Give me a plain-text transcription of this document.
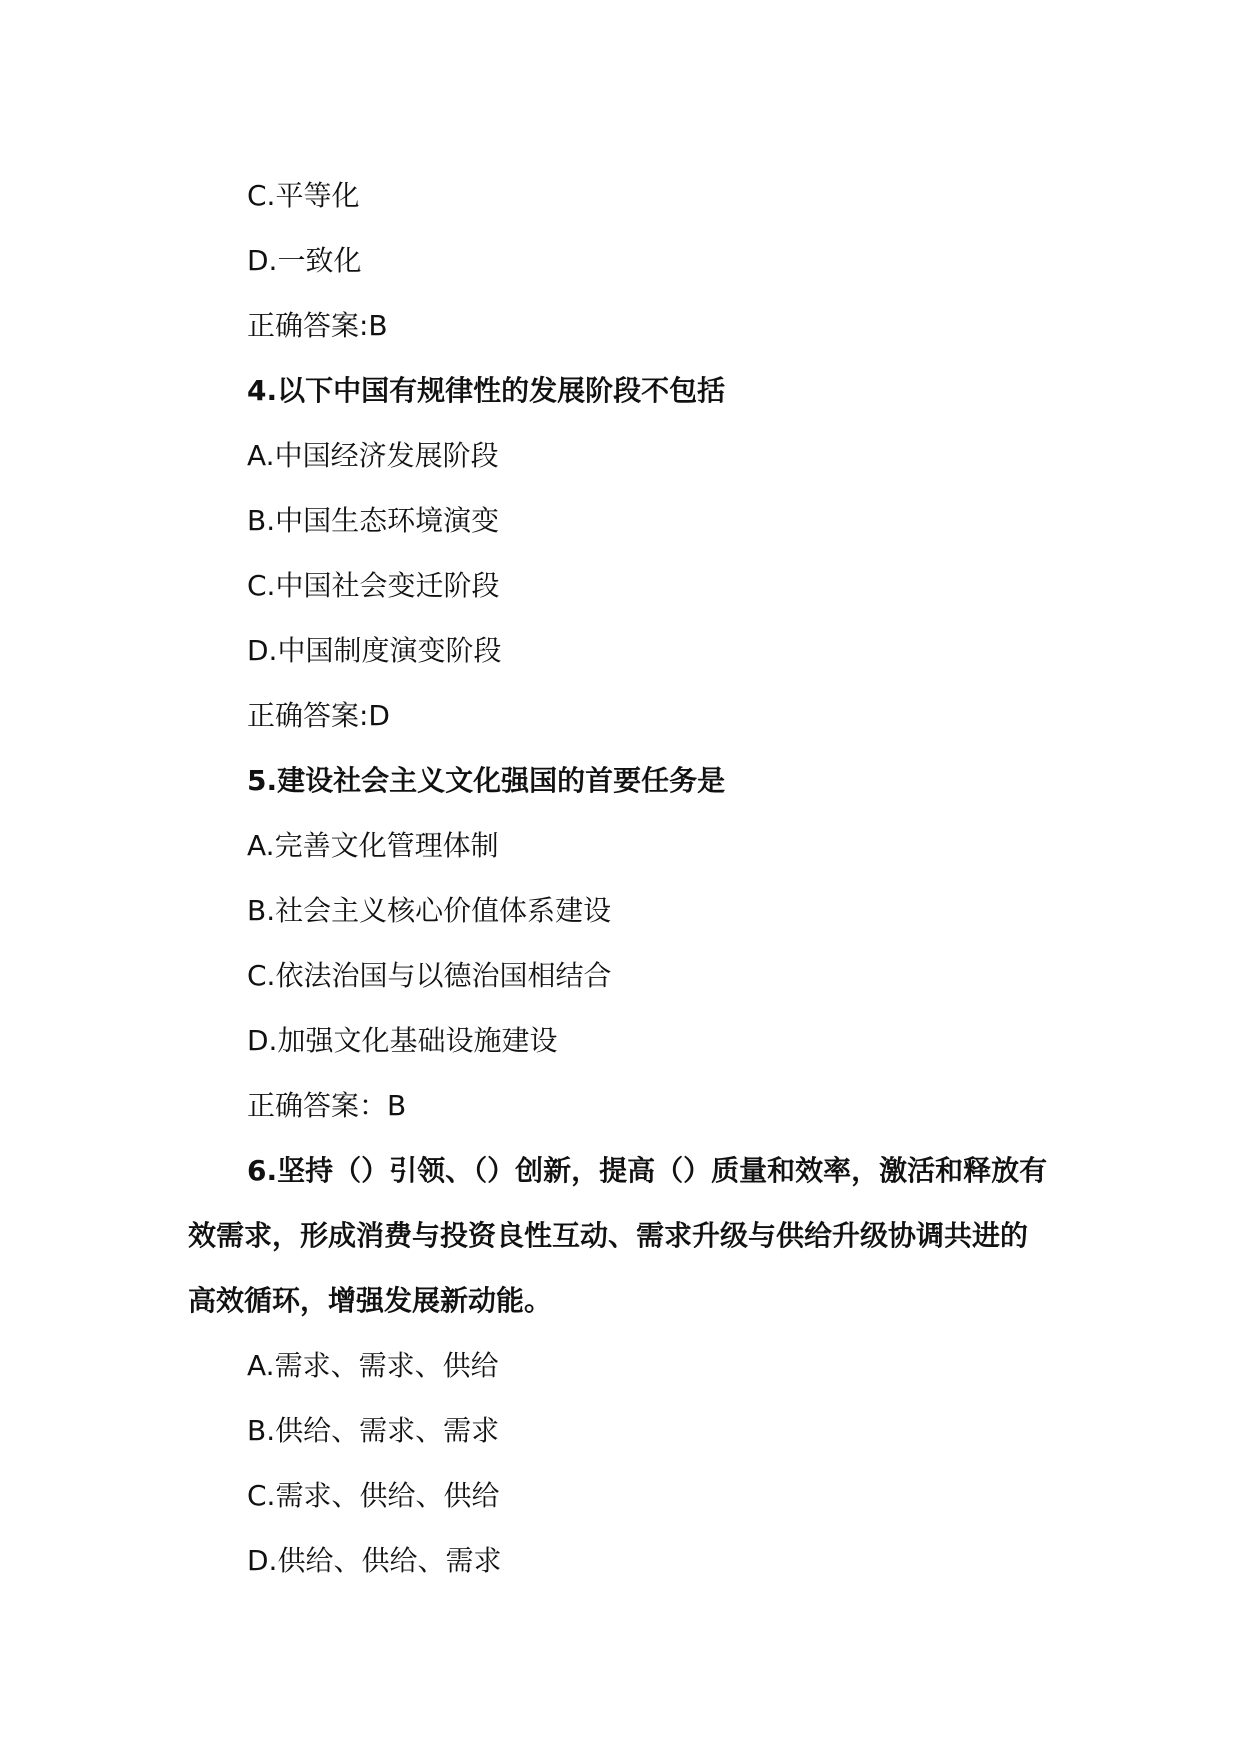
C.平等化
D.一致化
正确答案:B
4.以下中国有规律性的发展阶段不包括
A.中国经济发展阶段
B.中国生态环境演变
C.中国社会变迁阶段
D.中国制度演变阶段
正确答案:D
5.建设社会主义文化强国的首要任务是
A.完善文化管理体制
B.社会主义核心价值体系建设
C.依法治国与以德治国相结合
D.加强文化基础设施建设
正确答案：B
6.坚持（）引领、（）创新，提高（）质量和效率，激活和释放有效需求，形成消费与投资良性互动、需求升级与供给升级协调共进的高效循环，增强发展新动能。
A.需求、需求、供给
B.供给、需求、需求
C.需求、供给、供给
D.供给、供给、需求
